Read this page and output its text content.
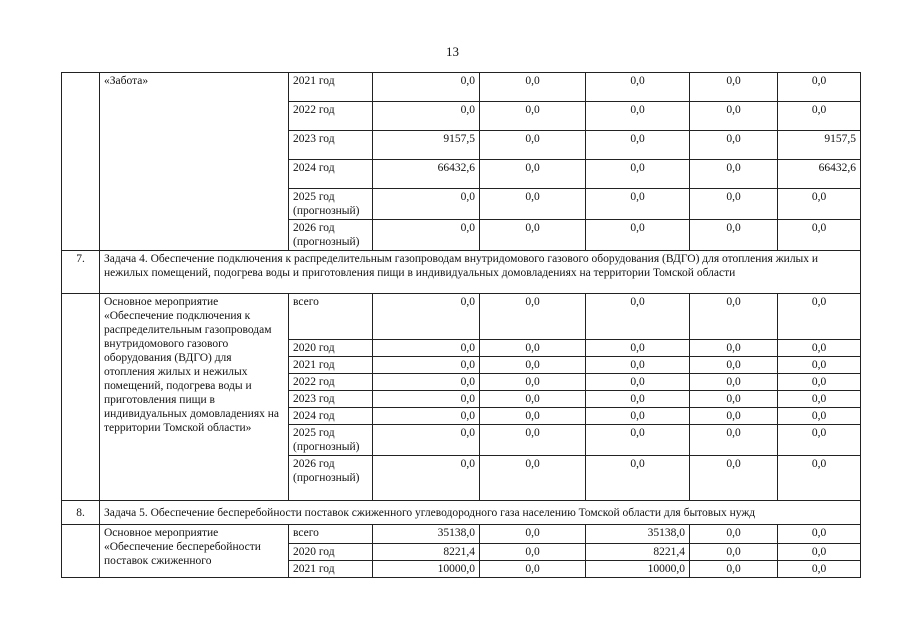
13
	«Забота»	2021 год	0,0	0,0	0,0	0,0	0,0
		2022 год	0,0	0,0	0,0	0,0	0,0
		2023 год	9157,5	0,0	0,0	0,0	9157,5
		2024 год	66432,6	0,0	0,0	0,0	66432,6
		2025 год (прогнозный)	0,0	0,0	0,0	0,0	0,0
		2026 год (прогнозный)	0,0	0,0	0,0	0,0	0,0
7.	Задача 4. Обеспечение подключения к распределительным газопроводам внутридомового газового оборудования (ВДГО) для отопления жилых и нежилых помещений, подогрева воды и приготовления пищи в индивидуальных домовладениях на территории Томской области						
	Основное мероприятие «Обеспечение подключения к распределительным газопроводам внутридомового газового оборудования (ВДГО) для отопления жилых и нежилых помещений, подогрева воды и приготовления пищи в индивидуальных домовладениях на территории Томской области»	всего	0,0	0,0	0,0	0,0	0,0
		2020 год	0,0	0,0	0,0	0,0	0,0
		2021 год	0,0	0,0	0,0	0,0	0,0
		2022 год	0,0	0,0	0,0	0,0	0,0
		2023 год	0,0	0,0	0,0	0,0	0,0
		2024 год	0,0	0,0	0,0	0,0	0,0
		2025 год (прогнозный)	0,0	0,0	0,0	0,0	0,0
		2026 год (прогнозный)	0,0	0,0	0,0	0,0	0,0
8.	Задача 5. Обеспечение бесперебойности поставок сжиженного углеводородного газа населению Томской области для бытовых нужд						
	Основное мероприятие «Обеспечение бесперебойности поставок сжиженного	всего	35138,0	0,0	35138,0	0,0	0,0
		2020 год	8221,4	0,0	8221,4	0,0	0,0
		2021 год	10000,0	0,0	10000,0	0,0	0,0
